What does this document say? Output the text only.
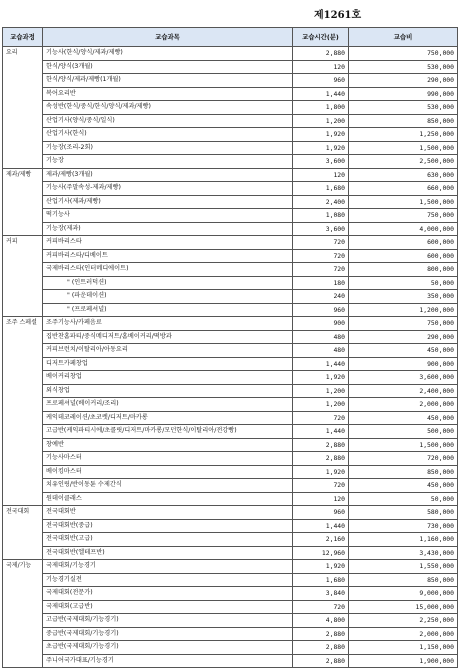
제1261호
교습과정	교습과목	교습시간(분)	교습비
요리	기능사(한식/양식/제과/제빵)	2,880	750,000
	한식/양식(3개월)	120	530,000
	한식/양식/제과/제빵(1개월)	960	290,000
	복어요리반	1,440	990,000
	속성반(한식/중식/한식/양식/제과/제빵)	1,800	530,000
	산업기사(양식/중식/일식)	1,200	850,000
	산업기사(한식)	1,920	1,250,000
	기능장(조리-2회)	1,920	1,500,000
	기능장	3,600	2,500,000
제과/제빵	제과/제빵(3개월)	120	630,000
	기능사(주말속성-제과/제빵)	1,680	660,000
	산업기사(제과/제빵)	2,400	1,500,000
	떡기능사	1,080	750,000
	기능장(제과)	3,600	4,000,000
커피	커피바리스타	720	600,000
	커피바리스타/디베이트	720	600,000
	국제바리스타(인터메디에이트)	720	800,000
	" (인트러덕션)	180	50,000
	" (파운데이션)	240	350,000
	" (프로페셔널)	960	1,200,000
조주 스페셜	조주기능사/카페음료	900	750,000
	집반찬홈파티/중식메디저트/홈베이커리/떡방과	480	290,000
	커피브런치/이탈리아/아동요리	480	450,000
	디저트카페창업	1,440	900,000
	베이커리창업	1,920	3,600,000
	외식창업	1,200	2,400,000
	프로페셔널(베이커리/조리)	1,200	2,000,000
	케익데코레이션/초코렛/디저트/마카롱	720	450,000
	고급반(케익파티시에/초콜릿/디저트/마카롱/모던한식/이탈리아/전강빵)	1,440	500,000
	창예반	2,880	1,500,000
	기능사마스터	2,880	720,000
	베이킹마스터	1,920	850,000
	치유인링/반이동툰 수제간식	720	450,000
	원데이클래스	120	50,000
전국대회	전국대회반	960	580,000
	전국대회반(중급)	1,440	730,000
	전국대회반(고급)	2,160	1,160,000
	전국대회반(엘테프반)	12,960	3,430,000
국제/기능	국제대회/기능경기	1,920	1,550,000
	기능경기실전	1,680	850,000
	국제대회(전문가)	3,840	9,000,000
	국제대회(고급반)	720	15,000,000
	고급반(국제대회/기능경기)	4,800	2,250,000
	중급반(국제대회/기능경기)	2,880	2,000,000
	초급반(국제대회/기능경기)	2,880	1,150,000
	주니어국가대표/기능경기	2,880	1,900,000
